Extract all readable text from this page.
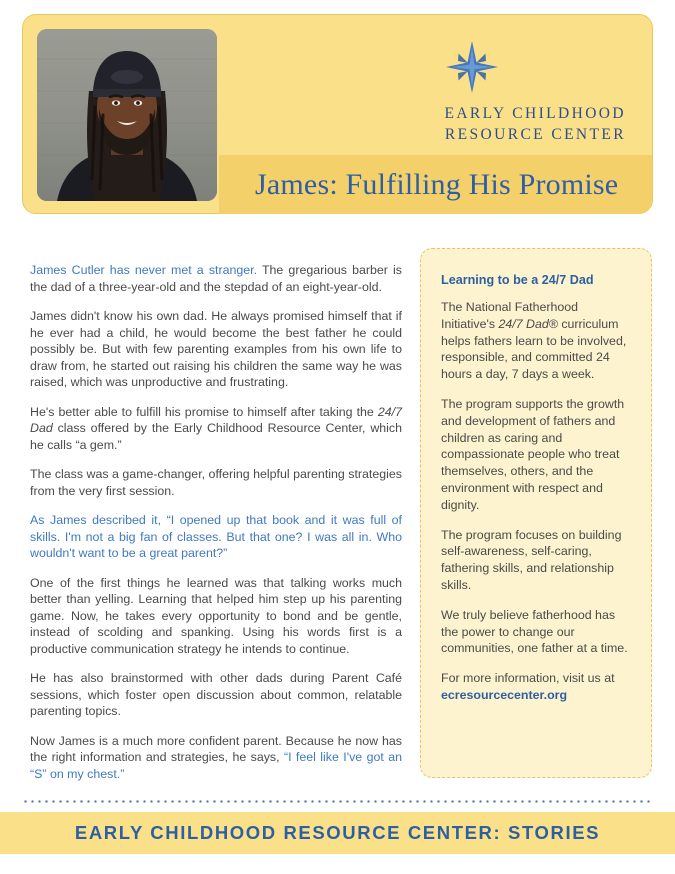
EARLY CHILDHOOD
RESOURCE CENTER
James: Fulfilling His Promise

James Cutler has never met a stranger. The gregarious barber is the dad of a three-year-old and the stepdad of an eight-year-old.

James didn't know his own dad. He always promised himself that if he ever had a child, he would become the best father he could possibly be. But with few parenting examples from his own life to draw from, he started out raising his children the same way he was raised, which was unproductive and frustrating.

He's better able to fulfill his promise to himself after taking the 24/7 Dad class offered by the Early Childhood Resource Center, which he calls “a gem.”

The class was a game-changer, offering helpful parenting strategies from the very first session.

As James described it, “I opened up that book and it was full of skills. I'm not a big fan of classes. But that one? I was all in. Who wouldn't want to be a great parent?”

One of the first things he learned was that talking works much better than yelling. Learning that helped him step up his parenting game. Now, he takes every opportunity to bond and be gentle, instead of scolding and spanking. Using his words first is a productive communication strategy he intends to continue.

He has also brainstormed with other dads during Parent Café sessions, which foster open discussion about common, relatable parenting topics.

Now James is a much more confident parent. Because he now has the right information and strategies, he says, “I feel like I've got an “S” on my chest.”

Learning to be a 24/7 Dad

The National Fatherhood Initiative's 24/7 Dad® curriculum helps fathers learn to be involved, responsible, and committed 24 hours a day, 7 days a week.

The program supports the growth and development of fathers and children as caring and compassionate people who treat themselves, others, and the environment with respect and dignity.

The program focuses on building self-awareness, self-caring, fathering skills, and relationship skills.

We truly believe fatherhood has the power to change our communities, one father at a time.

For more information, visit us at
ecresourcecenter.org

EARLY CHILDHOOD RESOURCE CENTER: STORIES
